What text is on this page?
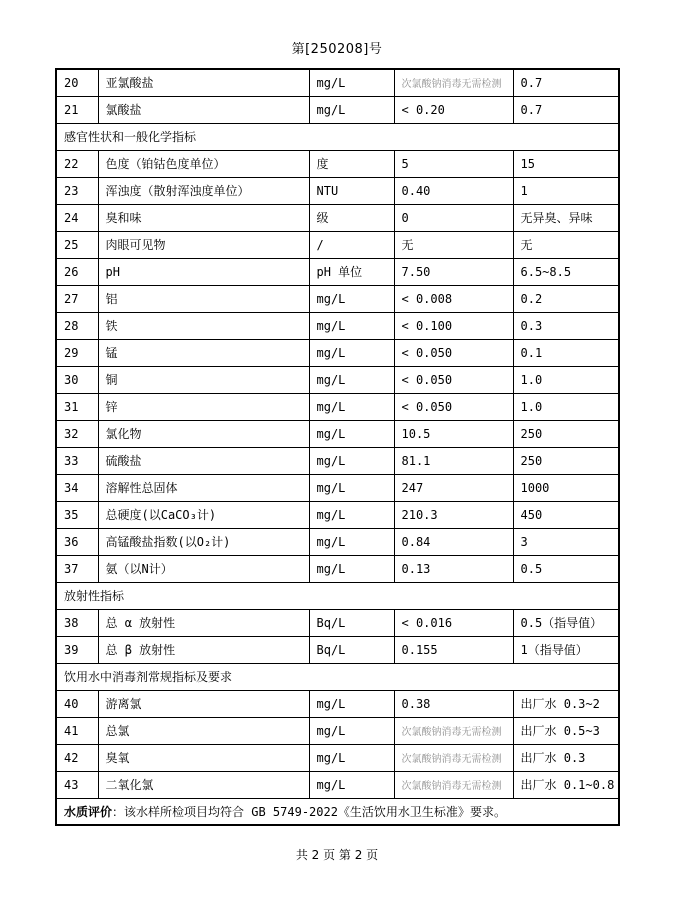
第[250208]号
20	亚氯酸盐	mg/L	次氯酸钠消毒无需检测	0.7
21	氯酸盐	mg/L	< 0.20	0.7
感官性状和一般化学指标				
22	色度（铂钴色度单位）	度	5	15
23	浑浊度（散射浑浊度单位）	NTU	0.40	1
24	臭和味	级	0	无异臭、异味
25	肉眼可见物	/	无	无
26	pH	pH 单位	7.50	6.5~8.5
27	铝	mg/L	< 0.008	0.2
28	铁	mg/L	< 0.100	0.3
29	锰	mg/L	< 0.050	0.1
30	铜	mg/L	< 0.050	1.0
31	锌	mg/L	< 0.050	1.0
32	氯化物	mg/L	10.5	250
33	硫酸盐	mg/L	81.1	250
34	溶解性总固体	mg/L	247	1000
35	总硬度(以CaCO₃计)	mg/L	210.3	450
36	高锰酸盐指数(以O₂计)	mg/L	0.84	3
37	氨（以N计）	mg/L	0.13	0.5
放射性指标				
38	总 α 放射性	Bq/L	< 0.016	0.5（指导值）
39	总 β 放射性	Bq/L	0.155	1（指导值）
饮用水中消毒剂常规指标及要求				
40	游离氯	mg/L	0.38	出厂水 0.3~2
41	总氯	mg/L	次氯酸钠消毒无需检测	出厂水 0.5~3
42	臭氧	mg/L	次氯酸钠消毒无需检测	出厂水 0.3
43	二氧化氯	mg/L	次氯酸钠消毒无需检测	出厂水 0.1~0.8
水质评价：该水样所检项目均符合 GB 5749-2022《生活饮用水卫生标准》要求。				
共 2 页 第 2 页
